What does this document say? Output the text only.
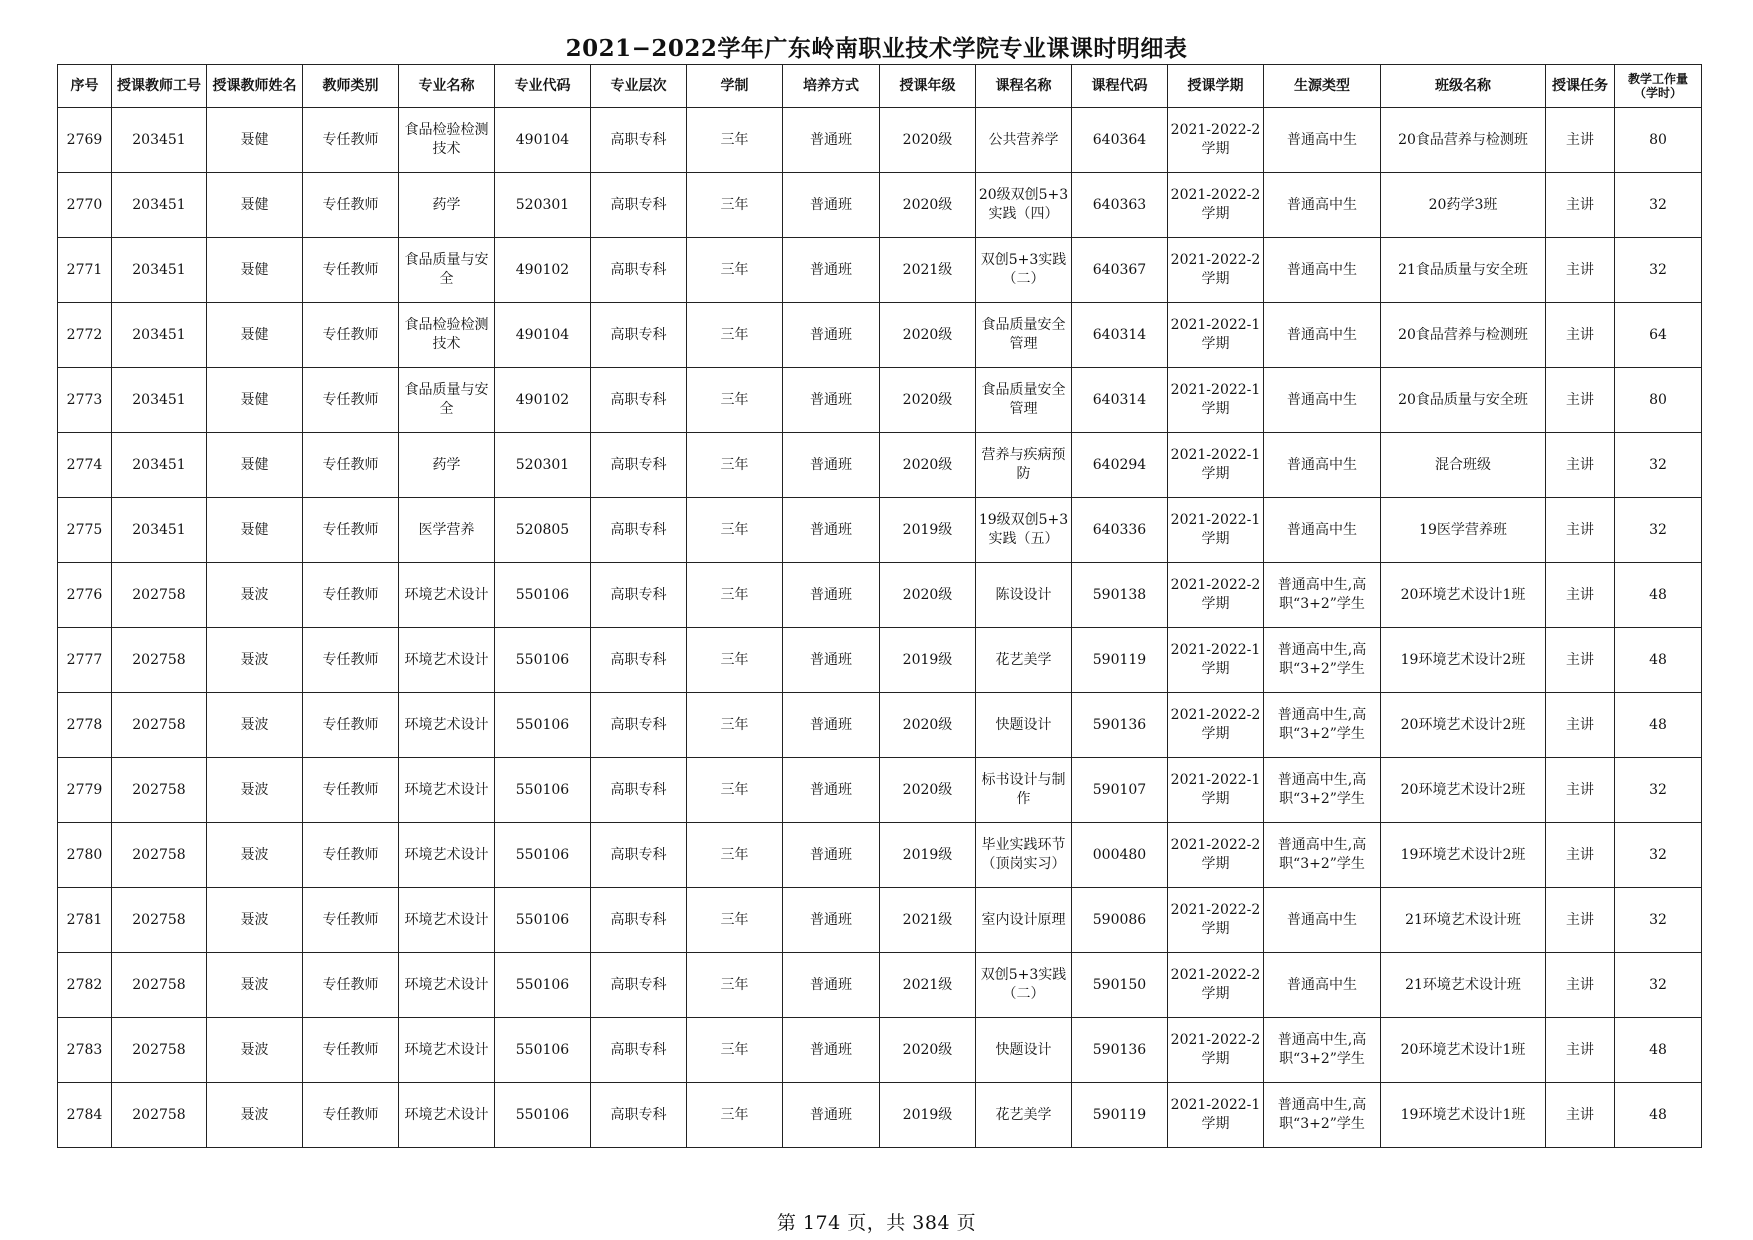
2021−2022学年广东岭南职业技术学院专业课课时明细表
序号	授课教师工号	授课教师姓名	教师类别	专业名称	专业代码	专业层次	学制	培养方式	授课年级	课程名称	课程代码	授课学期	生源类型	班级名称	授课任务	教学工作量（学时）
2769	203451	聂健	专任教师	食品检验检测技术	490104	高职专科	三年	普通班	2020级	公共营养学	640364	2021-2022-2学期	普通高中生	20食品营养与检测班	主讲	80
2770	203451	聂健	专任教师	药学	520301	高职专科	三年	普通班	2020级	20级双创5+3实践（四）	640363	2021-2022-2学期	普通高中生	20药学3班	主讲	32
2771	203451	聂健	专任教师	食品质量与安全	490102	高职专科	三年	普通班	2021级	双创5+3实践（二）	640367	2021-2022-2学期	普通高中生	21食品质量与安全班	主讲	32
2772	203451	聂健	专任教师	食品检验检测技术	490104	高职专科	三年	普通班	2020级	食品质量安全管理	640314	2021-2022-1学期	普通高中生	20食品营养与检测班	主讲	64
2773	203451	聂健	专任教师	食品质量与安全	490102	高职专科	三年	普通班	2020级	食品质量安全管理	640314	2021-2022-1学期	普通高中生	20食品质量与安全班	主讲	80
2774	203451	聂健	专任教师	药学	520301	高职专科	三年	普通班	2020级	营养与疾病预防	640294	2021-2022-1学期	普通高中生	混合班级	主讲	32
2775	203451	聂健	专任教师	医学营养	520805	高职专科	三年	普通班	2019级	19级双创5+3实践（五）	640336	2021-2022-1学期	普通高中生	19医学营养班	主讲	32
2776	202758	聂波	专任教师	环境艺术设计	550106	高职专科	三年	普通班	2020级	陈设设计	590138	2021-2022-2学期	普通高中生,高职“3+2”学生	20环境艺术设计1班	主讲	48
2777	202758	聂波	专任教师	环境艺术设计	550106	高职专科	三年	普通班	2019级	花艺美学	590119	2021-2022-1学期	普通高中生,高职“3+2”学生	19环境艺术设计2班	主讲	48
2778	202758	聂波	专任教师	环境艺术设计	550106	高职专科	三年	普通班	2020级	快题设计	590136	2021-2022-2学期	普通高中生,高职“3+2”学生	20环境艺术设计2班	主讲	48
2779	202758	聂波	专任教师	环境艺术设计	550106	高职专科	三年	普通班	2020级	标书设计与制作	590107	2021-2022-1学期	普通高中生,高职“3+2”学生	20环境艺术设计2班	主讲	32
2780	202758	聂波	专任教师	环境艺术设计	550106	高职专科	三年	普通班	2019级	毕业实践环节（顶岗实习）	000480	2021-2022-2学期	普通高中生,高职“3+2”学生	19环境艺术设计2班	主讲	32
2781	202758	聂波	专任教师	环境艺术设计	550106	高职专科	三年	普通班	2021级	室内设计原理	590086	2021-2022-2学期	普通高中生	21环境艺术设计班	主讲	32
2782	202758	聂波	专任教师	环境艺术设计	550106	高职专科	三年	普通班	2021级	双创5+3实践（二）	590150	2021-2022-2学期	普通高中生	21环境艺术设计班	主讲	32
2783	202758	聂波	专任教师	环境艺术设计	550106	高职专科	三年	普通班	2020级	快题设计	590136	2021-2022-2学期	普通高中生,高职“3+2”学生	20环境艺术设计1班	主讲	48
2784	202758	聂波	专任教师	环境艺术设计	550106	高职专科	三年	普通班	2019级	花艺美学	590119	2021-2022-1学期	普通高中生,高职“3+2”学生	19环境艺术设计1班	主讲	48
第 174 页，共 384 页
